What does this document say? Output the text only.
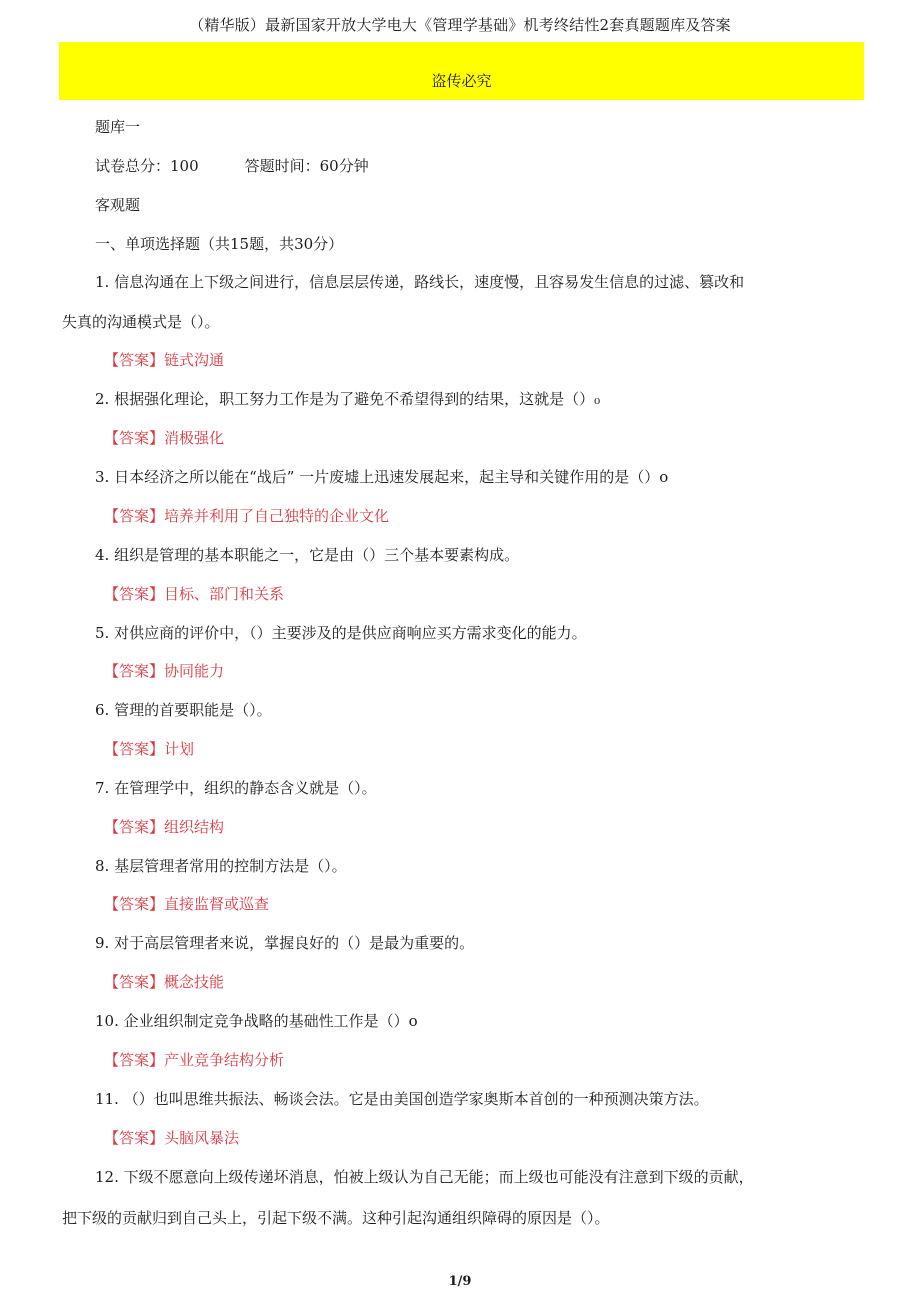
（精华版）最新国家开放大学电大《管理学基础》机考终结性2套真题题库及答案
盗传必究
题库一
试卷总分：100	答题时间：60分钟
客观题
一、单项选择题（共15题，共30分）
1. 信息沟通在上下级之间进行，信息层层传递，路线长，速度慢，且容易发生信息的过滤、篡改和
失真的沟通模式是（）。
【答案】链式沟通
2. 根据强化理论，职工努力工作是为了避免不希望得到的结果，这就是（）₀
【答案】消极强化
3. 日本经济之所以能在“战后” 一片废墟上迅速发展起来，起主导和关键作用的是（）o
【答案】培养并利用了自己独特的企业文化
4. 组织是管理的基本职能之一，它是由（）三个基本要素构成。
【答案】目标、部门和关系
5. 对供应商的评价中，（）主要涉及的是供应商响应买方需求变化的能力。
【答案】协同能力
6. 管理的首要职能是（）。
【答案】计划
7. 在管理学中，组织的静态含义就是（）。
【答案】组织结构
8. 基层管理者常用的控制方法是（）。
【答案】直接监督或巡查
9. 对于高层管理者来说，掌握良好的（）是最为重要的。
【答案】概念技能
10. 企业组织制定竞争战略的基础性工作是（）o
【答案】产业竞争结构分析
11. （）也叫思维共振法、畅谈会法。它是由美国创造学家奥斯本首创的一种预测决策方法。
【答案】头脑风暴法
12. 下级不愿意向上级传递坏消息，怕被上级认为自己无能；而上级也可能没有注意到下级的贡献，
把下级的贡献归到自己头上，引起下级不满。这种引起沟通组织障碍的原因是（）。
1/9
